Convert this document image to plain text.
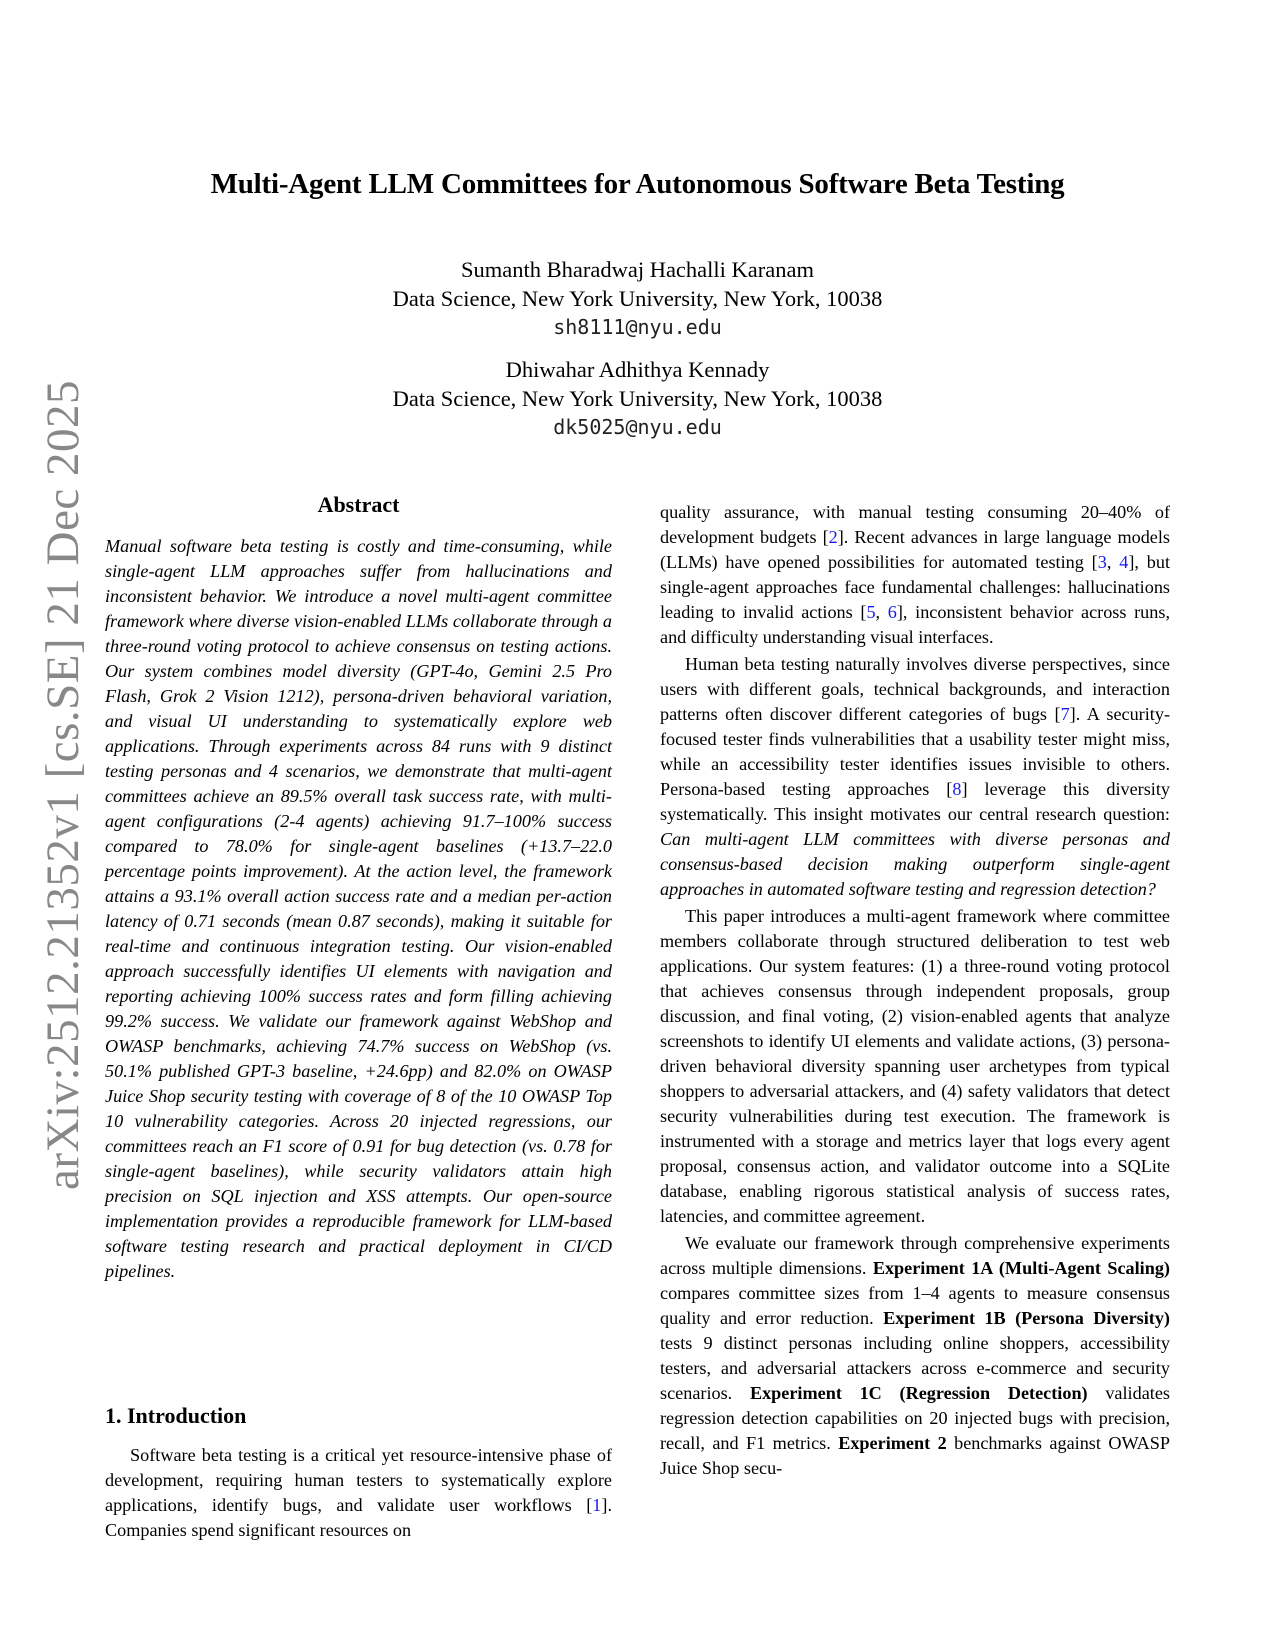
Multi-Agent LLM Committees for Autonomous Software Beta Testing
Sumanth Bharadwaj Hachalli Karanam
Data Science, New York University, New York, 10038
sh8111@nyu.edu
Dhiwahar Adhithya Kennady
Data Science, New York University, New York, 10038
dk5025@nyu.edu
arXiv:2512.21352v1 [cs.SE] 21 Dec 2025	Abstract

Manual software beta testing is costly and time-consuming, while single-agent LLM approaches suffer from hallucinations and inconsistent behavior. We introduce a novel multi-agent committee framework where diverse vision-enabled LLMs collaborate through a three-round voting protocol to achieve consensus on testing actions. Our system combines model diversity (GPT-4o, Gemini 2.5 Pro Flash, Grok 2 Vision 1212), persona-driven behavioral variation, and visual UI understanding to systematically explore web applications. Through experiments across 84 runs with 9 distinct testing personas and 4 scenarios, we demonstrate that multi-agent committees achieve an 89.5% overall task success rate, with multi-agent configurations (2-4 agents) achieving 91.7–100% success compared to 78.0% for single-agent baselines (+13.7–22.0 percentage points improvement). At the action level, the framework attains a 93.1% overall action success rate and a median per-action latency of 0.71 seconds (mean 0.87 seconds), making it suitable for real-time and continuous integration testing. Our vision-enabled approach successfully identifies UI elements with navigation and reporting achieving 100% success rates and form filling achieving 99.2% success. We validate our framework against WebShop and OWASP benchmarks, achieving 74.7% success on WebShop (vs. 50.1% published GPT-3 baseline, +24.6pp) and 82.0% on OWASP Juice Shop security testing with coverage of 8 of the 10 OWASP Top 10 vulnerability categories. Across 20 injected regressions, our committees reach an F1 score of 0.91 for bug detection (vs. 0.78 for single-agent baselines), while security validators attain high precision on SQL injection and XSS attempts. Our open-source implementation provides a reproducible framework for LLM-based software testing research and practical deployment in CI/CD pipelines.

1. Introduction

Software beta testing is a critical yet resource-intensive phase of development, requiring human testers to systematically explore applications, identify bugs, and validate user workflows [1]. Companies spend significant resources on

quality assurance, with manual testing consuming 20–40% of development budgets [2]. Recent advances in large language models (LLMs) have opened possibilities for automated testing [3, 4], but single-agent approaches face fundamental challenges: hallucinations leading to invalid actions [5, 6], inconsistent behavior across runs, and difficulty understanding visual interfaces.

Human beta testing naturally involves diverse perspectives, since users with different goals, technical backgrounds, and interaction patterns often discover different categories of bugs [7]. A security-focused tester finds vulnerabilities that a usability tester might miss, while an accessibility tester identifies issues invisible to others. Persona-based testing approaches [8] leverage this diversity systematically. This insight motivates our central research question: Can multi-agent LLM committees with diverse personas and consensus-based decision making outperform single-agent approaches in automated software testing and regression detection?

This paper introduces a multi-agent framework where committee members collaborate through structured deliberation to test web applications. Our system features: (1) a three-round voting protocol that achieves consensus through independent proposals, group discussion, and final voting, (2) vision-enabled agents that analyze screenshots to identify UI elements and validate actions, (3) persona-driven behavioral diversity spanning user archetypes from typical shoppers to adversarial attackers, and (4) safety validators that detect security vulnerabilities during test execution. The framework is instrumented with a storage and metrics layer that logs every agent proposal, consensus action, and validator outcome into a SQLite database, enabling rigorous statistical analysis of success rates, latencies, and committee agreement.

We evaluate our framework through comprehensive experiments across multiple dimensions. Experiment 1A (Multi-Agent Scaling) compares committee sizes from 1–4 agents to measure consensus quality and error reduction. Experiment 1B (Persona Diversity) tests 9 distinct personas including online shoppers, accessibility testers, and adversarial attackers across e-commerce and security scenarios. Experiment 1C (Regression Detection) validates regression detection capabilities on 20 injected bugs with precision, recall, and F1 metrics. Experiment 2 benchmarks against OWASP Juice Shop secu-
